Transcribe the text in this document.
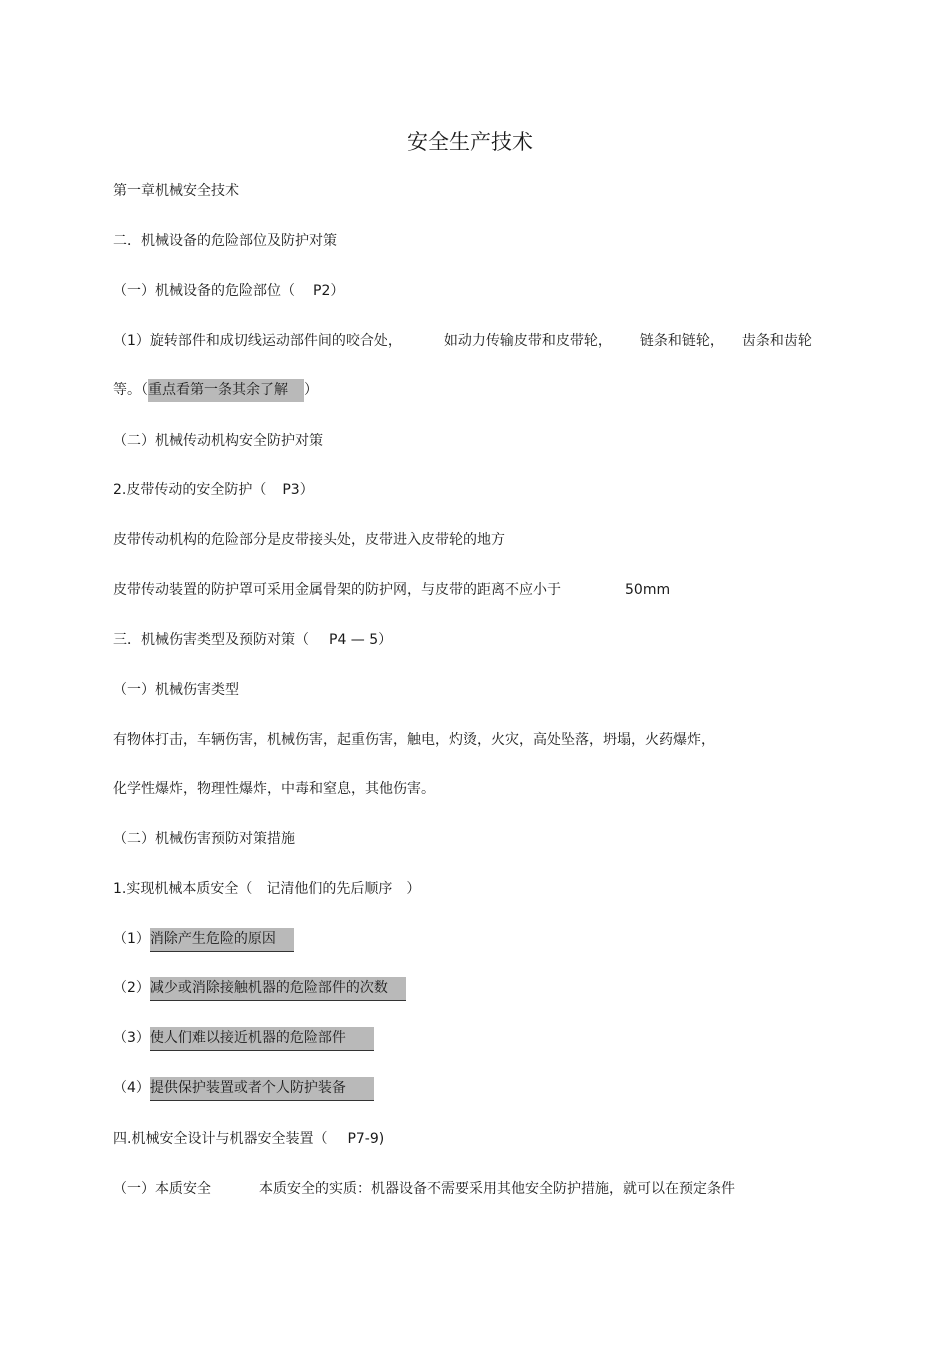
安全生产技术
第一章机械安全技术
二．机械设备的危险部位及防护对策
（一）机械设备的危险部位（ P2）
（1）旋转部件和成切线运动部件间的咬合处，	如动力传输皮带和皮带轮， 链条和链轮， 齿条和齿轮
等。（重点看第一条其余了解 ）
（二）机械传动机构安全防护对策
2.皮带传动的安全防护（ P3）
皮带传动机构的危险部分是皮带接头处，皮带进入皮带轮的地方
皮带传动装置的防护罩可采用金属骨架的防护网，与皮带的距离不应小于	50mm
三．机械伤害类型及预防对策（ P4 — 5）
（一）机械伤害类型
有物体打击，车辆伤害，机械伤害，起重伤害，触电，灼烫，火灾，高处坠落，坍塌，火药爆炸，
化学性爆炸，物理性爆炸，中毒和窒息，其他伤害。
（二）机械伤害预防对策措施
1.实现机械本质安全（ 记清他们的先后顺序 ）
（1）消除产生危险的原因
（2）减少或消除接触机器的危险部件的次数
（3）使人们难以接近机器的危险部件
（4）提供保护装置或者个人防护装备
四.机械安全设计与机器安全装置（ P7-9)
（一）本质安全	本质安全的实质：机器设备不需要采用其他安全防护措施，就可以在预定条件
